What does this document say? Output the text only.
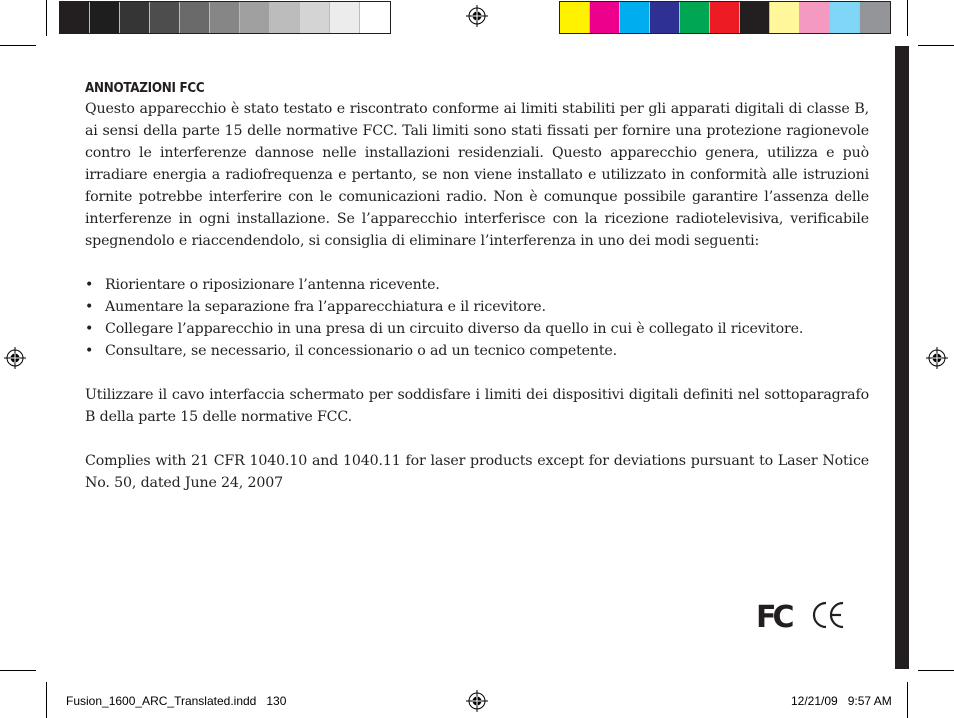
ANNOTAZIONI FCC

Questo apparecchio è stato testato e riscontrato conforme ai limiti stabiliti per gli apparati digitali di classe B, ai sensi della parte 15 delle normative FCC. Tali limiti sono stati fissati per fornire una protezione ragionevole contro le interferenze dannose nelle installazioni residenziali. Questo apparecchio genera, utilizza e può irradiare energia a radiofrequenza e pertanto, se non viene installato e utilizzato in conformità alle istruzioni fornite potrebbe interferire con le comunicazioni radio. Non è comunque possibile garantire l’assenza delle interferenze in ogni installazione. Se l’apparecchio interferisce con la ricezione radiotelevisiva, verificabile spegnendolo e riaccendendolo, si consiglia di eliminare l’interferenza in uno dei modi seguenti:

• Riorientare o riposizionare l’antenna ricevente.
• Aumentare la separazione fra l’apparecchiatura e il ricevitore.
• Collegare l’apparecchio in una presa di un circuito diverso da quello in cui è collegato il ricevitore.
• Consultare, se necessario, il concessionario o ad un tecnico competente.

Utilizzare il cavo interfaccia schermato per soddisfare i limiti dei dispositivi digitali definiti nel sottoparagrafo B della parte 15 delle normative FCC.

Complies with 21 CFR 1040.10 and 1040.11 for laser products except for deviations pursuant to Laser Notice No. 50, dated June 24, 2007

FC	CE
Fusion_1600_ARC_Translated.indd 130	12/21/09   9:57 AM
